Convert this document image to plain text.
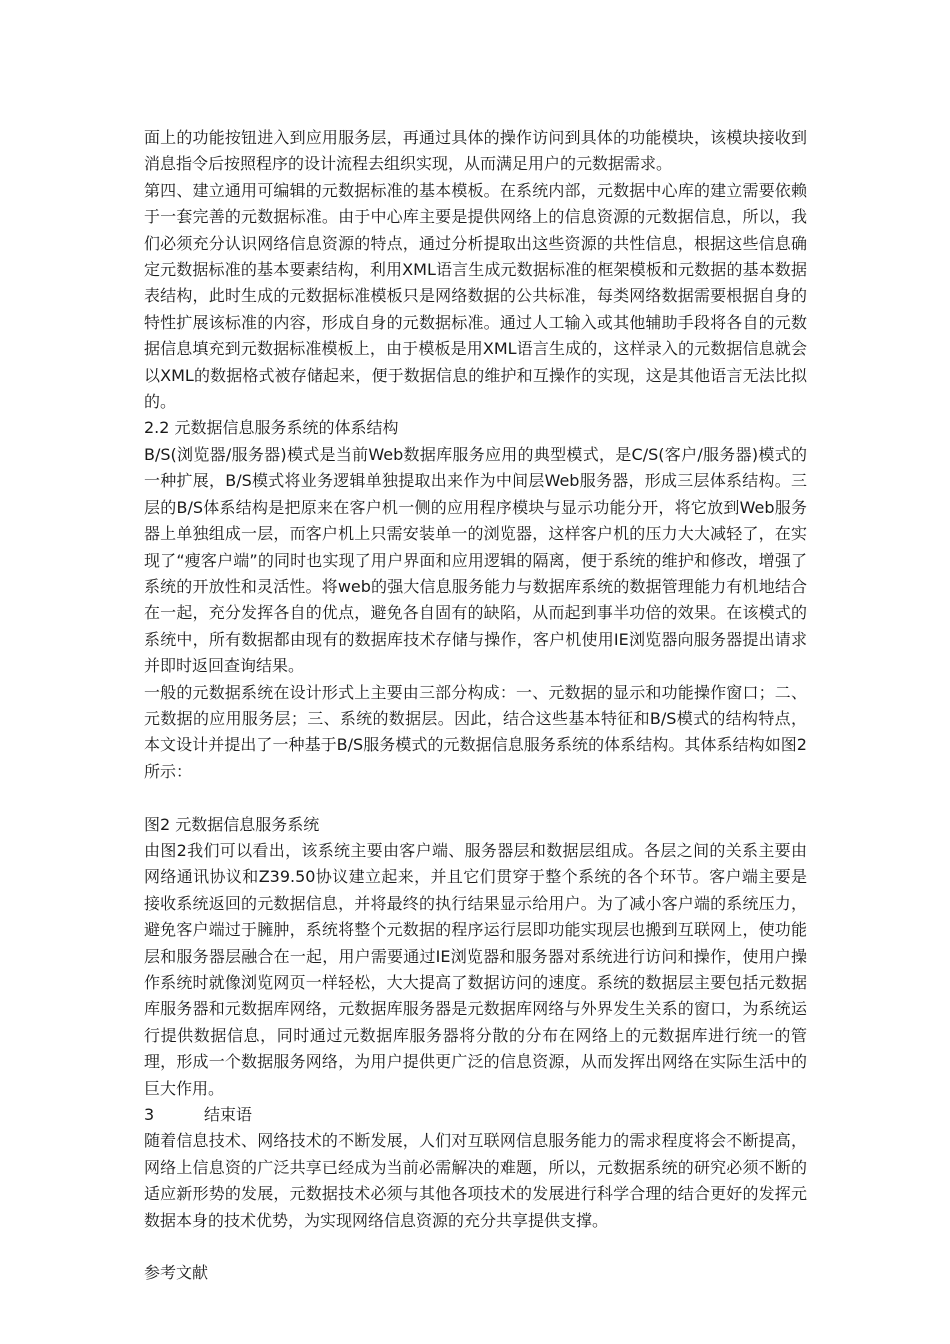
面上的功能按钮进入到应用服务层，再通过具体的操作访问到具体的功能模块，该模块接收到消息指令后按照程序的设计流程去组织实现，从而满足用户的元数据需求。

第四、建立通用可编辑的元数据标准的基本模板。在系统内部，元数据中心库的建立需要依赖于一套完善的元数据标准。由于中心库主要是提供网络上的信息资源的元数据信息，所以，我们必须充分认识网络信息资源的特点，通过分析提取出这些资源的共性信息，根据这些信息确定元数据标准的基本要素结构，利用XML语言生成元数据标准的框架模板和元数据的基本数据表结构，此时生成的元数据标准模板只是网络数据的公共标准，每类网络数据需要根据自身的特性扩展该标准的内容，形成自身的元数据标准。通过人工输入或其他辅助手段将各自的元数据信息填充到元数据标准模板上，由于模板是用XML语言生成的，这样录入的元数据信息就会以XML的数据格式被存储起来，便于数据信息的维护和互操作的实现，这是其他语言无法比拟的。

2.2 元数据信息服务系统的体系结构

B/S(浏览器/服务器)模式是当前Web数据库服务应用的典型模式，是C/S(客户/服务器)模式的一种扩展，B/S模式将业务逻辑单独提取出来作为中间层Web服务器，形成三层体系结构。三层的B/S体系结构是把原来在客户机一侧的应用程序模块与显示功能分开，将它放到Web服务器上单独组成一层，而客户机上只需安装单一的浏览器，这样客户机的压力大大减轻了，在实现了“瘦客户端”的同时也实现了用户界面和应用逻辑的隔离，便于系统的维护和修改，增强了系统的开放性和灵活性。将web的强大信息服务能力与数据库系统的数据管理能力有机地结合在一起，充分发挥各自的优点，避免各自固有的缺陷，从而起到事半功倍的效果。在该模式的系统中，所有数据都由现有的数据库技术存储与操作，客户机使用IE浏览器向服务器提出请求并即时返回查询结果。

一般的元数据系统在设计形式上主要由三部分构成：一、元数据的显示和功能操作窗口；二、元数据的应用服务层；三、系统的数据层。因此，结合这些基本特征和B/S模式的结构特点，本文设计并提出了一种基于B/S服务模式的元数据信息服务系统的体系结构。其体系结构如图2所示：

图2 元数据信息服务系统

由图2我们可以看出，该系统主要由客户端、服务器层和数据层组成。各层之间的关系主要由网络通讯协议和Z39.50协议建立起来，并且它们贯穿于整个系统的各个环节。客户端主要是接收系统返回的元数据信息，并将最终的执行结果显示给用户。为了减小客户端的系统压力，避免客户端过于臃肿，系统将整个元数据的程序运行层即功能实现层也搬到互联网上，使功能层和服务器层融合在一起，用户需要通过IE浏览器和服务器对系统进行访问和操作，使用户操作系统时就像浏览网页一样轻松，大大提高了数据访问的速度。系统的数据层主要包括元数据库服务器和元数据库网络，元数据库服务器是元数据库网络与外界发生关系的窗口，为系统运行提供数据信息，同时通过元数据库服务器将分散的分布在网络上的元数据库进行统一的管理，形成一个数据服务网络，为用户提供更广泛的信息资源，从而发挥出网络在实际生活中的巨大作用。

3	结束语

随着信息技术、网络技术的不断发展，人们对互联网信息服务能力的需求程度将会不断提高，网络上信息资的广泛共享已经成为当前必需解决的难题，所以，元数据系统的研究必须不断的适应新形势的发展，元数据技术必须与其他各项技术的发展进行科学合理的结合更好的发挥元数据本身的技术优势，为实现网络信息资源的充分共享提供支撑。

参考文献
